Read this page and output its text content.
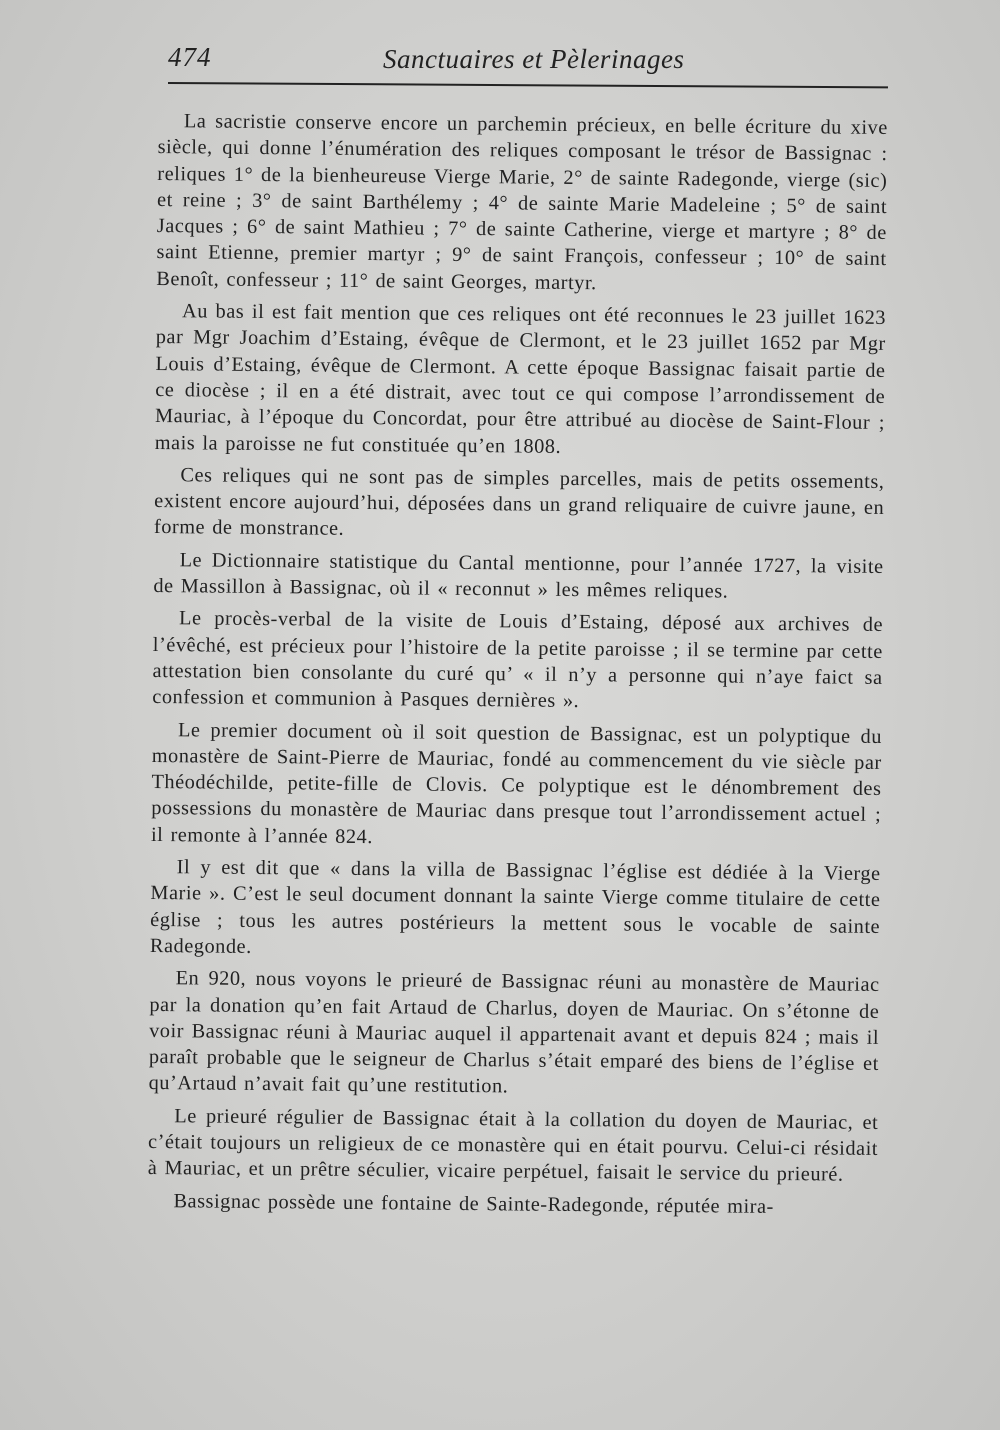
474	Sanctuaires et Pèlerinages

La sacristie conserve encore un parchemin précieux, en belle écriture du xive siècle, qui donne l’énumération des reliques composant le trésor de Bassignac : reliques 1° de la bienheureuse Vierge Marie, 2° de sainte Radegonde, vierge (sic) et reine ; 3° de saint Barthélemy ; 4° de sainte Marie Madeleine ; 5° de saint Jacques ; 6° de saint Mathieu ; 7° de sainte Catherine, vierge et martyre ; 8° de saint Etienne, premier martyr ; 9° de saint François, confesseur ; 10° de saint Benoît, confesseur ; 11° de saint Georges, martyr.

Au bas il est fait mention que ces reliques ont été reconnues le 23 juillet 1623 par Mgr Joachim d’Estaing, évêque de Clermont, et le 23 juillet 1652 par Mgr Louis d’Estaing, évêque de Clermont. A cette époque Bassignac faisait partie de ce diocèse ; il en a été distrait, avec tout ce qui compose l’arrondissement de Mauriac, à l’époque du Concordat, pour être attribué au diocèse de Saint-Flour ; mais la paroisse ne fut constituée qu’en 1808.

Ces reliques qui ne sont pas de simples parcelles, mais de petits ossements, existent encore aujourd’hui, déposées dans un grand reliquaire de cuivre jaune, en forme de monstrance.

Le Dictionnaire statistique du Cantal mentionne, pour l’année 1727, la visite de Massillon à Bassignac, où il « reconnut » les mêmes reliques.

Le procès-verbal de la visite de Louis d’Estaing, déposé aux archives de l’évêché, est précieux pour l’histoire de la petite paroisse ; il se termine par cette attestation bien consolante du curé qu’ « il n’y a personne qui n’aye faict sa confession et communion à Pasques dernières ».

Le premier document où il soit question de Bassignac, est un polyptique du monastère de Saint-Pierre de Mauriac, fondé au commencement du vie siècle par Théodéchilde, petite-fille de Clovis. Ce polyptique est le dénombrement des possessions du monastère de Mauriac dans presque tout l’arrondissement actuel ; il remonte à l’année 824.

Il y est dit que « dans la villa de Bassignac l’église est dédiée à la Vierge Marie ». C’est le seul document donnant la sainte Vierge comme titulaire de cette église ; tous les autres postérieurs la mettent sous le vocable de sainte Radegonde.

En 920, nous voyons le prieuré de Bassignac réuni au monastère de Mauriac par la donation qu’en fait Artaud de Charlus, doyen de Mauriac. On s’étonne de voir Bassignac réuni à Mauriac auquel il appartenait avant et depuis 824 ; mais il paraît probable que le seigneur de Charlus s’était emparé des biens de l’église et qu’Artaud n’avait fait qu’une restitution.

Le prieuré régulier de Bassignac était à la collation du doyen de Mauriac, et c’était toujours un religieux de ce monastère qui en était pourvu. Celui-ci résidait à Mauriac, et un prêtre séculier, vicaire perpétuel, faisait le service du prieuré.

Bassignac possède une fontaine de Sainte-Radegonde, réputée mira-
